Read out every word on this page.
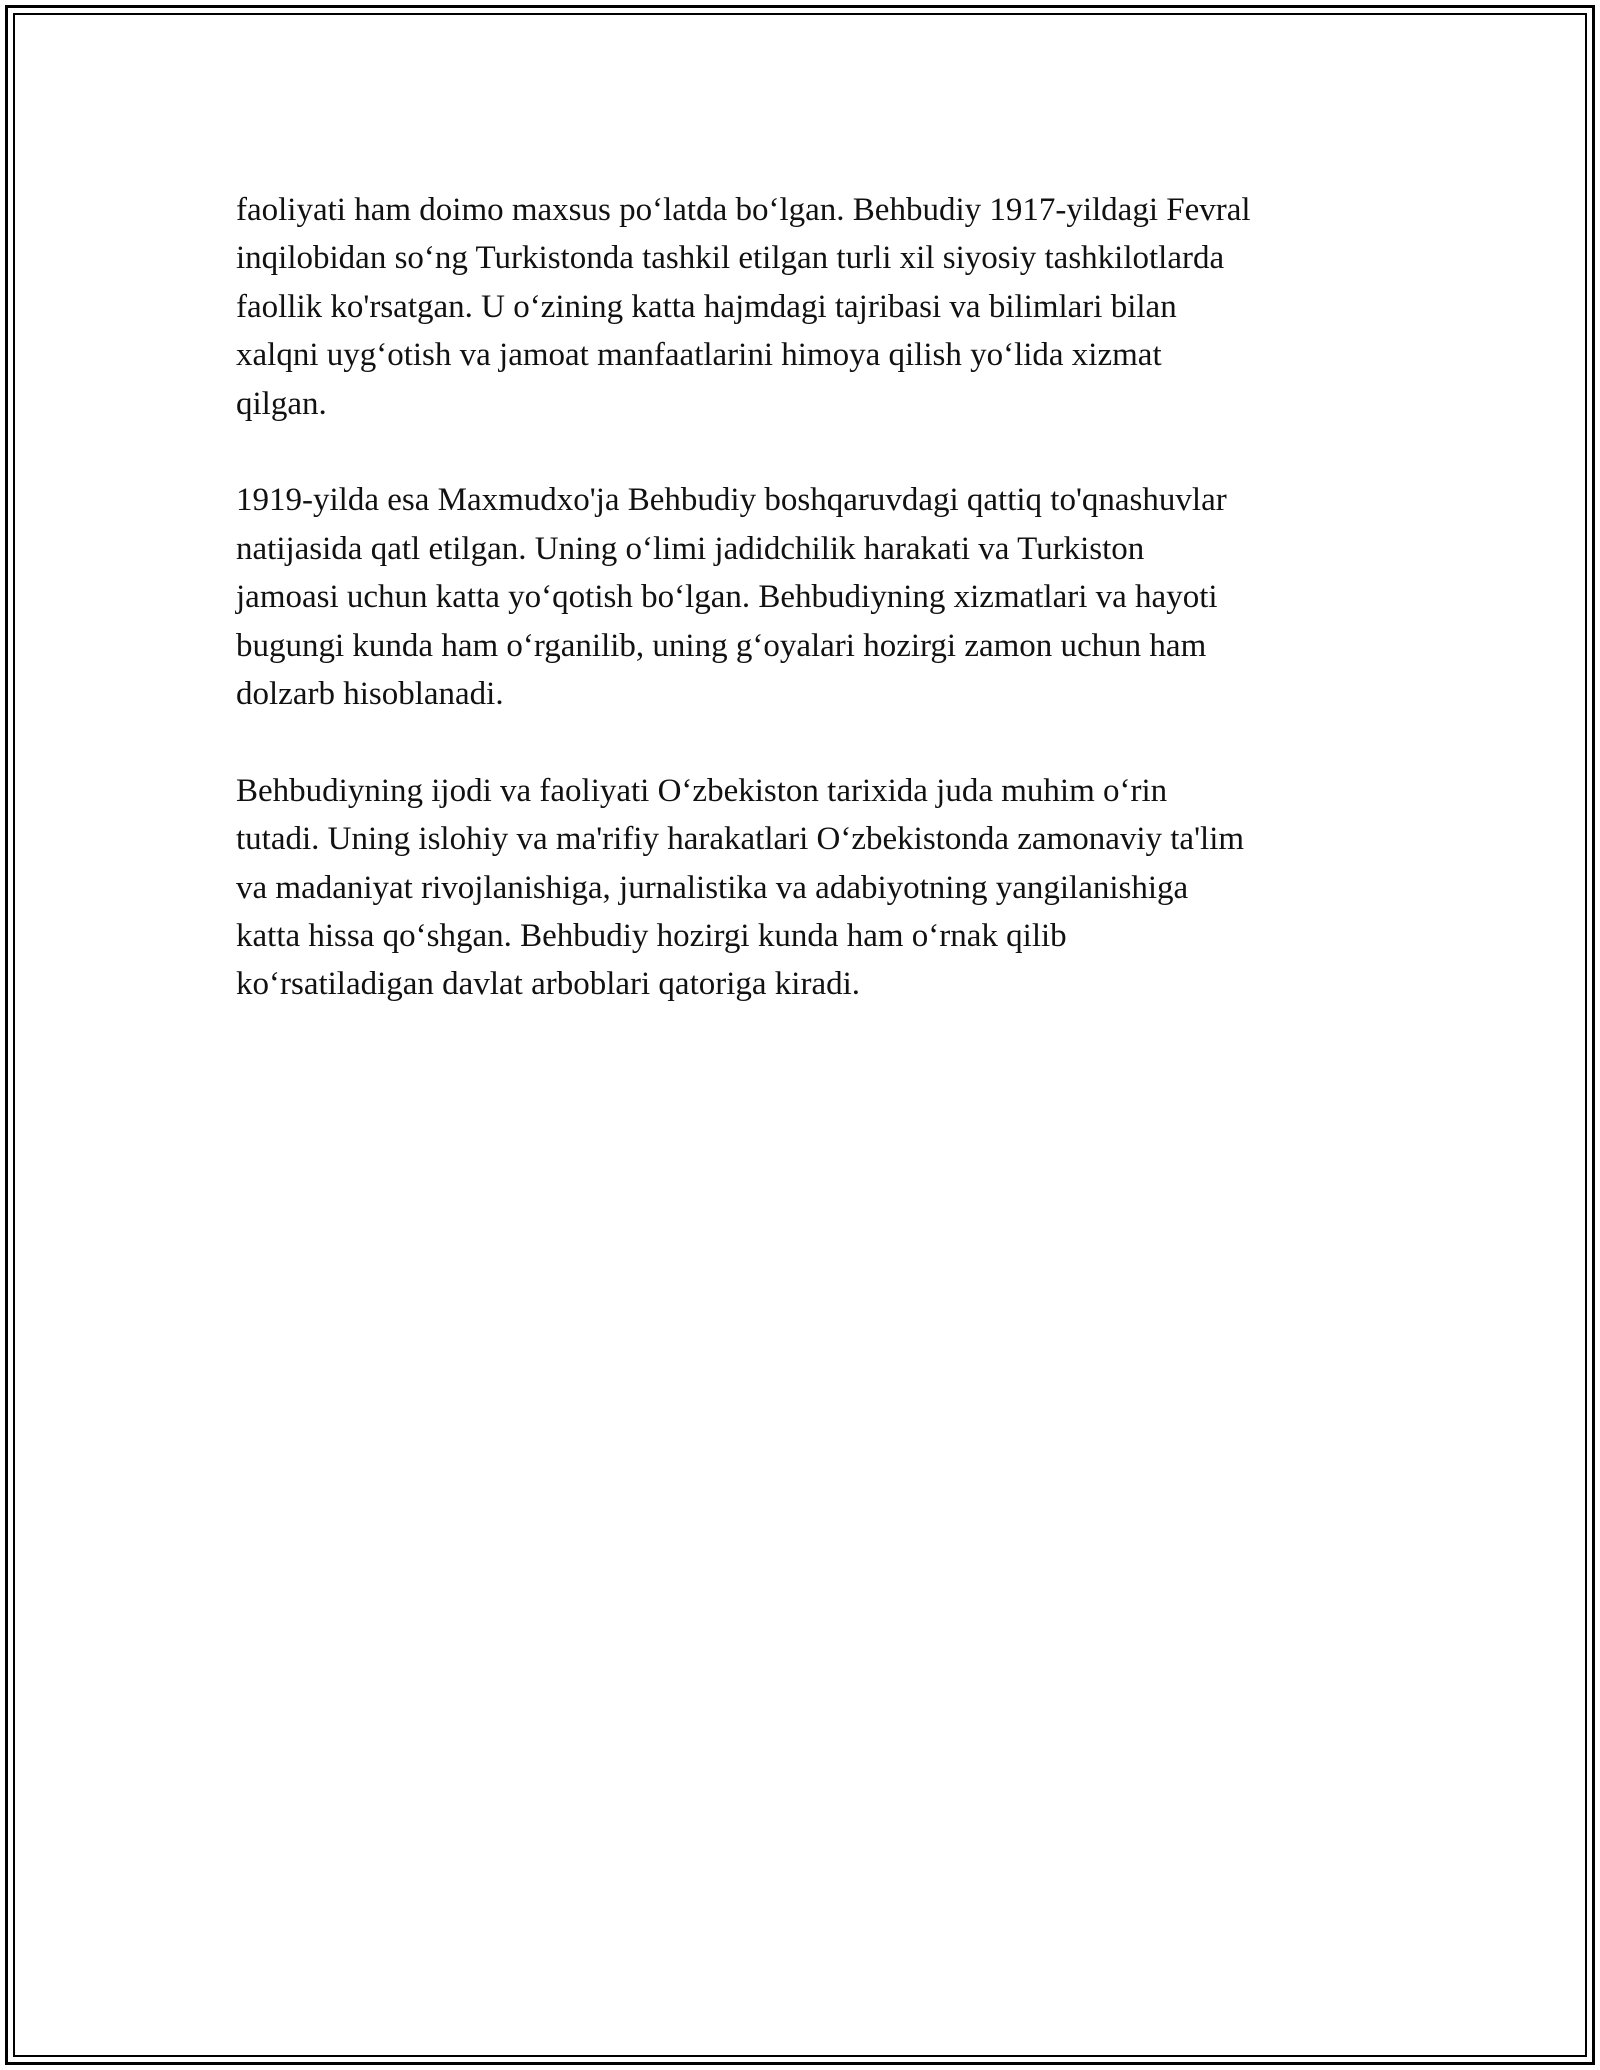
faoliyati ham doimo maxsus po‘latda bo‘lgan. Behbudiy 1917-yildagi Fevral
inqilobidan so‘ng Turkistonda tashkil etilgan turli xil siyosiy tashkilotlarda
faollik ko'rsatgan. U o‘zining katta hajmdagi tajribasi va bilimlari bilan
xalqni uyg‘otish va jamoat manfaatlarini himoya qilish yo‘lida xizmat
qilgan.

1919-yilda esa Maxmudxo'ja Behbudiy boshqaruvdagi qattiq to'qnashuvlar
natijasida qatl etilgan. Uning o‘limi jadidchilik harakati va Turkiston
jamoasi uchun katta yo‘qotish bo‘lgan. Behbudiyning xizmatlari va hayoti
bugungi kunda ham o‘rganilib, uning g‘oyalari hozirgi zamon uchun ham
dolzarb hisoblanadi.

Behbudiyning ijodi va faoliyati O‘zbekiston tarixida juda muhim o‘rin
tutadi. Uning islohiy va ma'rifiy harakatlari O‘zbekistonda zamonaviy ta'lim
va madaniyat rivojlanishiga, jurnalistika va adabiyotning yangilanishiga
katta hissa qo‘shgan. Behbudiy hozirgi kunda ham o‘rnak qilib
ko‘rsatiladigan davlat arboblari qatoriga kiradi.
